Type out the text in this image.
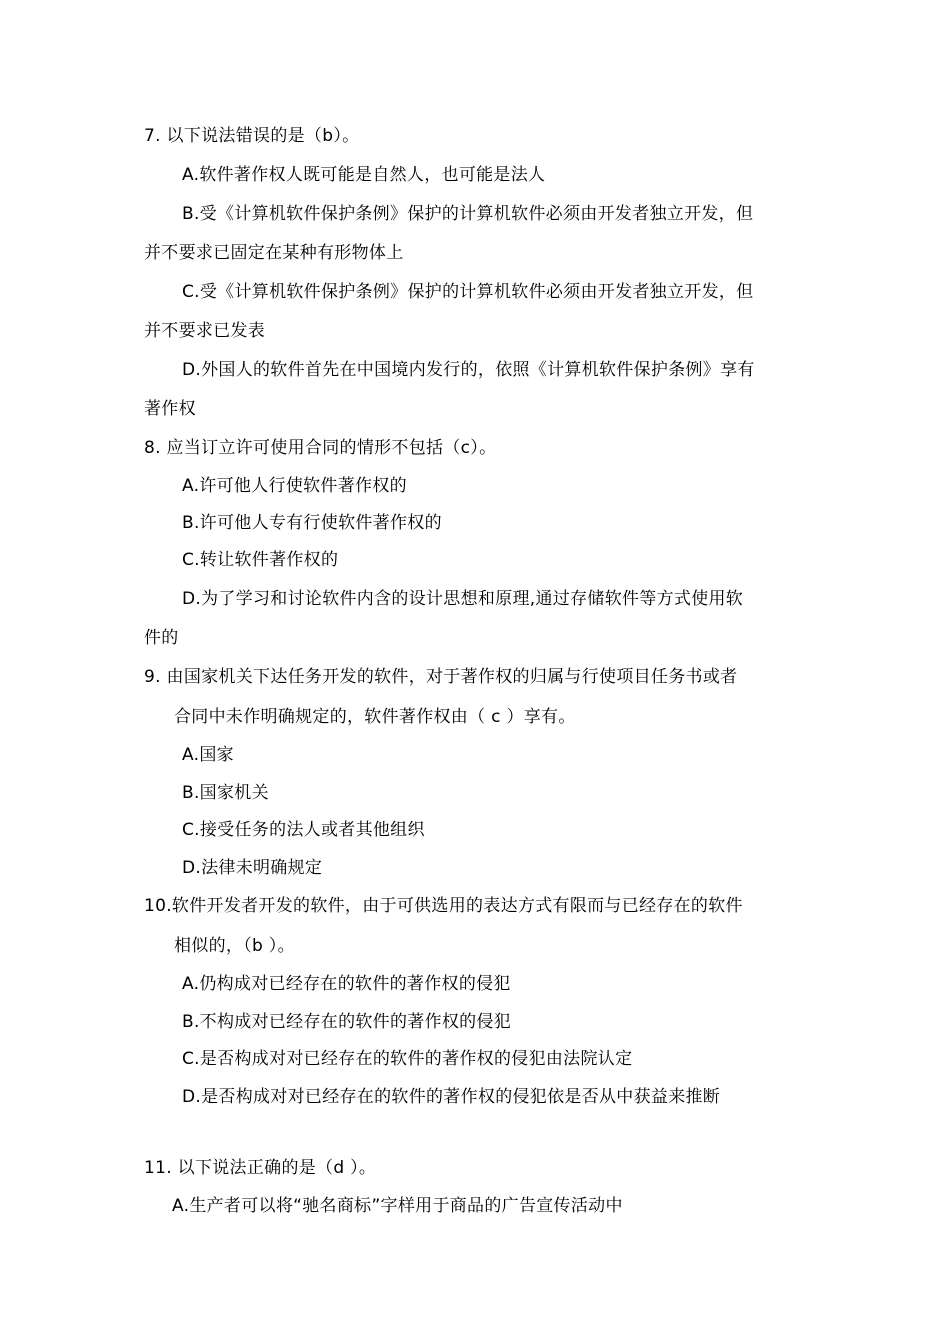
7. 以下说法错误的是（b）。
A.软件著作权人既可能是自然人，也可能是法人
B.受《计算机软件保护条例》保护的计算机软件必须由开发者独立开发，但
并不要求已固定在某种有形物体上
C.受《计算机软件保护条例》保护的计算机软件必须由开发者独立开发，但
并不要求已发表
D.外国人的软件首先在中国境内发行的，依照《计算机软件保护条例》享有
著作权
8. 应当订立许可使用合同的情形不包括（c）。
A.许可他人行使软件著作权的
B.许可他人专有行使软件著作权的
C.转让软件著作权的
D.为了学习和讨论软件内含的设计思想和原理,通过存储软件等方式使用软
件的
9. 由国家机关下达任务开发的软件，对于著作权的归属与行使项目任务书或者
合同中未作明确规定的，软件著作权由（ c ）享有。
A.国家
B.国家机关
C.接受任务的法人或者其他组织
D.法律未明确规定
10.软件开发者开发的软件，由于可供选用的表达方式有限而与已经存在的软件
相似的，（b ）。
A.仍构成对已经存在的软件的著作权的侵犯
B.不构成对已经存在的软件的著作权的侵犯
C.是否构成对对已经存在的软件的著作权的侵犯由法院认定
D.是否构成对对已经存在的软件的著作权的侵犯依是否从中获益来推断
11. 以下说法正确的是（d ）。
A.生产者可以将“驰名商标”字样用于商品的广告宣传活动中
